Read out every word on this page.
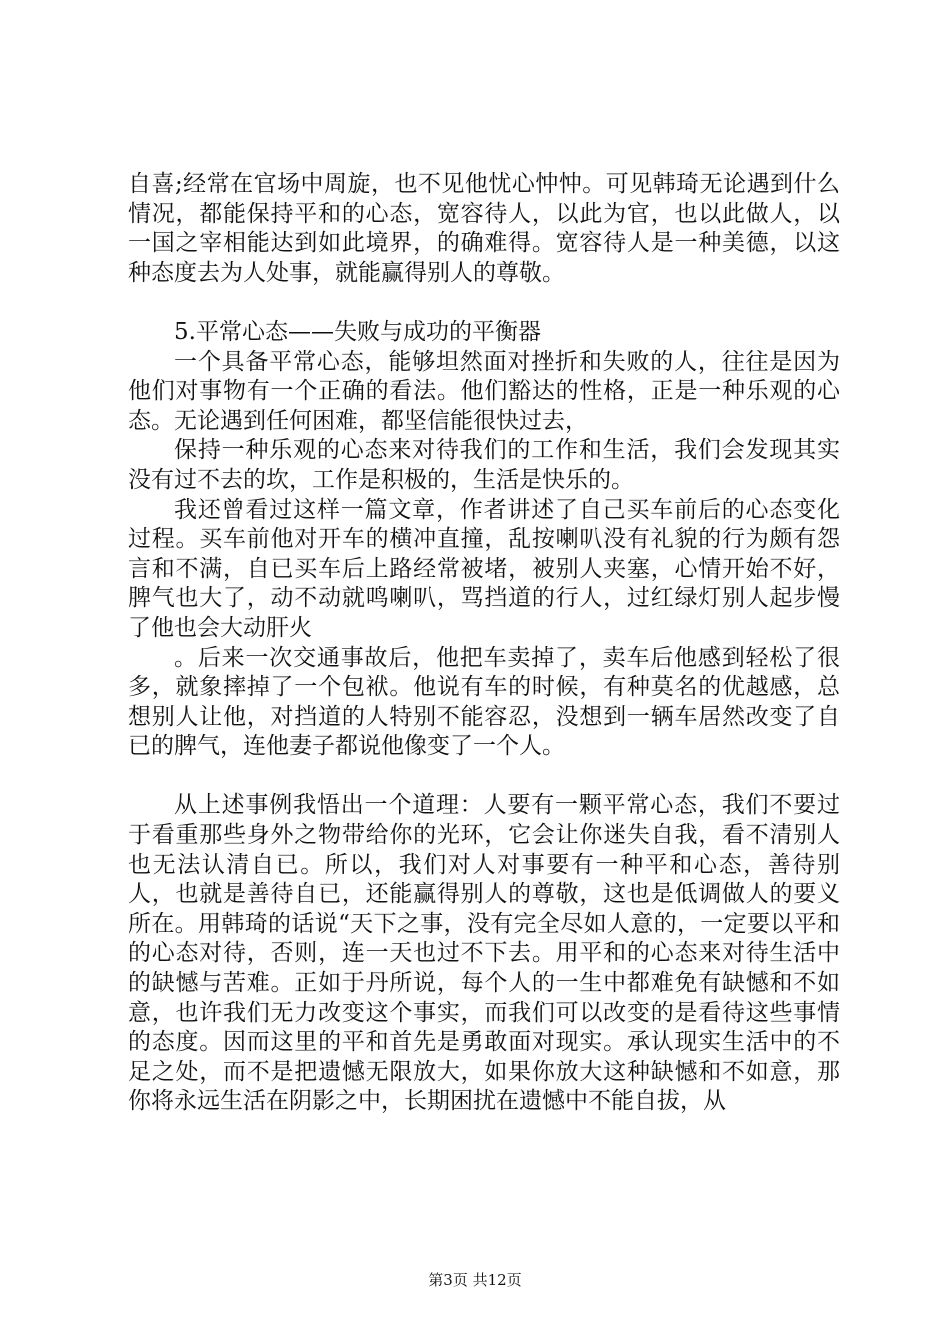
自喜;经常在官场中周旋，也不见他忧心忡忡。可见韩琦无论遇到什么情况，都能保持平和的心态，宽容待人，以此为官，也以此做人，以一国之宰相能达到如此境界，的确难得。宽容待人是一种美德，以这种态度去为人处事，就能赢得别人的尊敬。

5.平常心态——失败与成功的平衡器

一个具备平常心态，能够坦然面对挫折和失败的人，往往是因为他们对事物有一个正确的看法。他们豁达的性格，正是一种乐观的心态。无论遇到任何困难，都坚信能很快过去，

保持一种乐观的心态来对待我们的工作和生活，我们会发现其实没有过不去的坎，工作是积极的，生活是快乐的。

我还曾看过这样一篇文章，作者讲述了自己买车前后的心态变化过程。买车前他对开车的横冲直撞，乱按喇叭没有礼貌的行为颇有怨言和不满，自已买车后上路经常被堵，被别人夹塞，心情开始不好，脾气也大了，动不动就鸣喇叭，骂挡道的行人，过红绿灯别人起步慢了他也会大动肝火

。后来一次交通事故后，他把车卖掉了，卖车后他感到轻松了很多，就象摔掉了一个包袱。他说有车的时候，有种莫名的优越感，总想别人让他，对挡道的人特别不能容忍，没想到一辆车居然改变了自已的脾气，连他妻子都说他像变了一个人。

从上述事例我悟出一个道理：人要有一颗平常心态，我们不要过于看重那些身外之物带给你的光环，它会让你迷失自我，看不清别人也无法认清自已。所以，我们对人对事要有一种平和心态，善待别人，也就是善待自已，还能赢得别人的尊敬，这也是低调做人的要义所在。用韩琦的话说“天下之事，没有完全尽如人意的，一定要以平和的心态对待，否则，连一天也过不下去。用平和的心态来对待生活中的缺憾与苦难。正如于丹所说，每个人的一生中都难免有缺憾和不如意，也许我们无力改变这个事实，而我们可以改变的是看待这些事情的态度。因而这里的平和首先是勇敢面对现实。承认现实生活中的不足之处，而不是把遗憾无限放大，如果你放大这种缺憾和不如意，那你将永远生活在阴影之中，长期困扰在遗憾中不能自拔，从

第3页 共12页
